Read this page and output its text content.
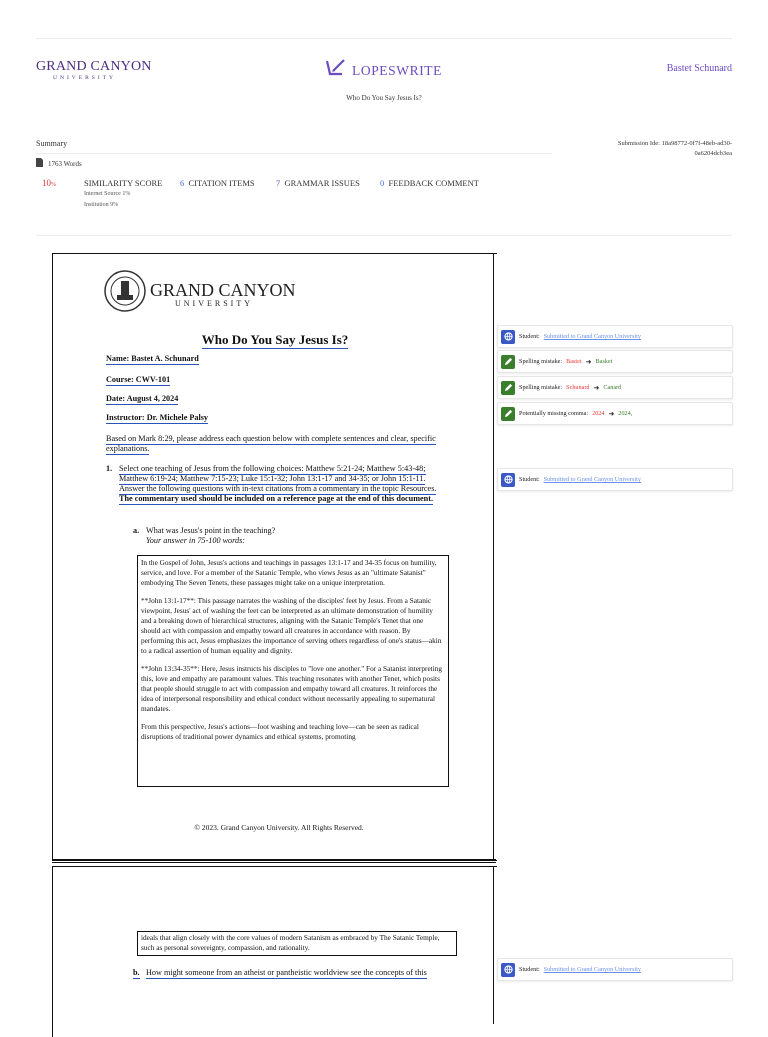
GRAND CANYON
UNIVERSITY
LOPESWRITE
Who Do You Say Jesus Is?
Bastet Schunard
Summary
1763 Words
Submission Ide: 18a98772-0f7f-48eb-ad30-0a6204dcb3ea
10%	SIMILARITY SCORE
Internet Source 1%
Institution 9%
6 CITATION ITEMS	7 GRAMMAR ISSUES 0 FEEDBACK COMMENT
GRAND CANYON
UNIVERSITY
Who Do You Say Jesus Is?
Name: Bastet A. Schunard
Course: CWV-101
Date: August 4, 2024
Instructor: Dr. Michele Palsy
Based on Mark 8:29, please address each question below with complete sentences and clear, specific explanations.
1. Select one teaching of Jesus from the following choices: Matthew 5:21-24; Matthew 5:43-48; Matthew 6:19-24; Matthew 7:15-23; Luke 15:1-32; John 13:1-17 and 34-35; or John 15:1-11. Answer the following questions with in-text citations from a commentary in the topic Resources. The commentary used should be included on a reference page at the end of this document.
a. What was Jesus's point in the teaching?
Your answer in 75-100 words:

In the Gospel of John, Jesus's actions and teachings in passages 13:1-17 and 34-35 focus on humility, service, and love. For a member of the Satanic Temple, who views Jesus as an "ultimate Satanist" embodying The Seven Tenets, these passages might take on a unique interpretation.

**John 13:1-17**: This passage narrates the washing of the disciples' feet by Jesus. From a Satanic viewpoint, Jesus' act of washing the feet can be interpreted as an ultimate demonstration of humility and a breaking down of hierarchical structures, aligning with the Satanic Temple's Tenet that one should act with compassion and empathy toward all creatures in accordance with reason. By performing this act, Jesus emphasizes the importance of serving others regardless of one's status—akin to a radical assertion of human equality and dignity.

**John 13:34-35**: Here, Jesus instructs his disciples to "love one another." For a Satanist interpreting this, love and empathy are paramount values. This teaching resonates with another Tenet, which posits that people should struggle to act with compassion and empathy toward all creatures. It reinforces the idea of interpersonal responsibility and ethical conduct without necessarily appealing to supernatural mandates.

From this perspective, Jesus's actions—foot washing and teaching love—can be seen as radical disruptions of traditional power dynamics and ethical systems, promoting

© 2023. Grand Canyon University. All Rights Reserved.

ideals that align closely with the core values of modern Satanism as embraced by The Satanic Temple, such as personal sovereignty, compassion, and rationality.

b. How might someone from an atheist or pantheistic worldview see the concepts of this
Student: Submitted to Grand Canyon University
Spelling mistake: Bastet ➜ Basket
Spelling mistake: Schunard ➜ Canard
Potentially missing comma: 2024 ➜ 2024,
Student: Submitted to Grand Canyon University
Student: Submitted to Grand Canyon University
